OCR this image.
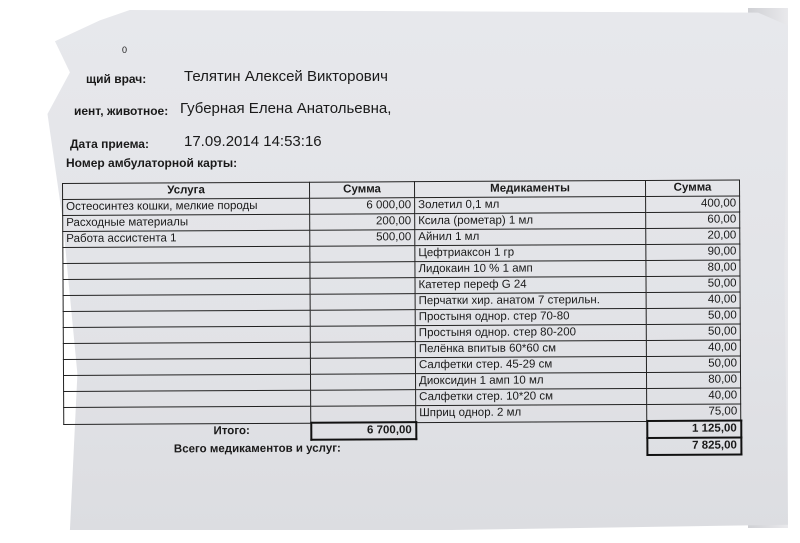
0
щий врач:	Телятин Алексей Викторович
иент, животное: Губерная Елена Анатольевна,
Дата приема: 17.09.2014 14:53:16
Номер амбулаторной карты:
Услуга	Сумма	Медикаменты	Сумма
Остеосинтез кошки, мелкие породы	6 000,00	Золетил 0,1 мл	400,00
Расходные материалы	200,00	Ксила (рометар) 1 мл	60,00
Работа ассистента 1	500,00	Айнил 1 мл	20,00
		Цефтриаксон 1 гр	90,00
		Лидокаин 10 % 1 амп	80,00
		Катетер переф G 24	50,00
		Перчатки хир. анатом 7 стерильн.	40,00
		Простыня однор. стер 70-80	50,00
		Простыня однор. стер 80-200	50,00
		Пелёнка впитыв 60*60 см	40,00
		Салфетки стер. 45-29 см	50,00
		Диоксидин 1 амп 10 мл	80,00
		Салфетки стер. 10*20 см	40,00
		Шприц однор. 2 мл	75,00
Итого:	6 700,00		1 125,00
Всего медикаментов и услуг:			7 825,00
